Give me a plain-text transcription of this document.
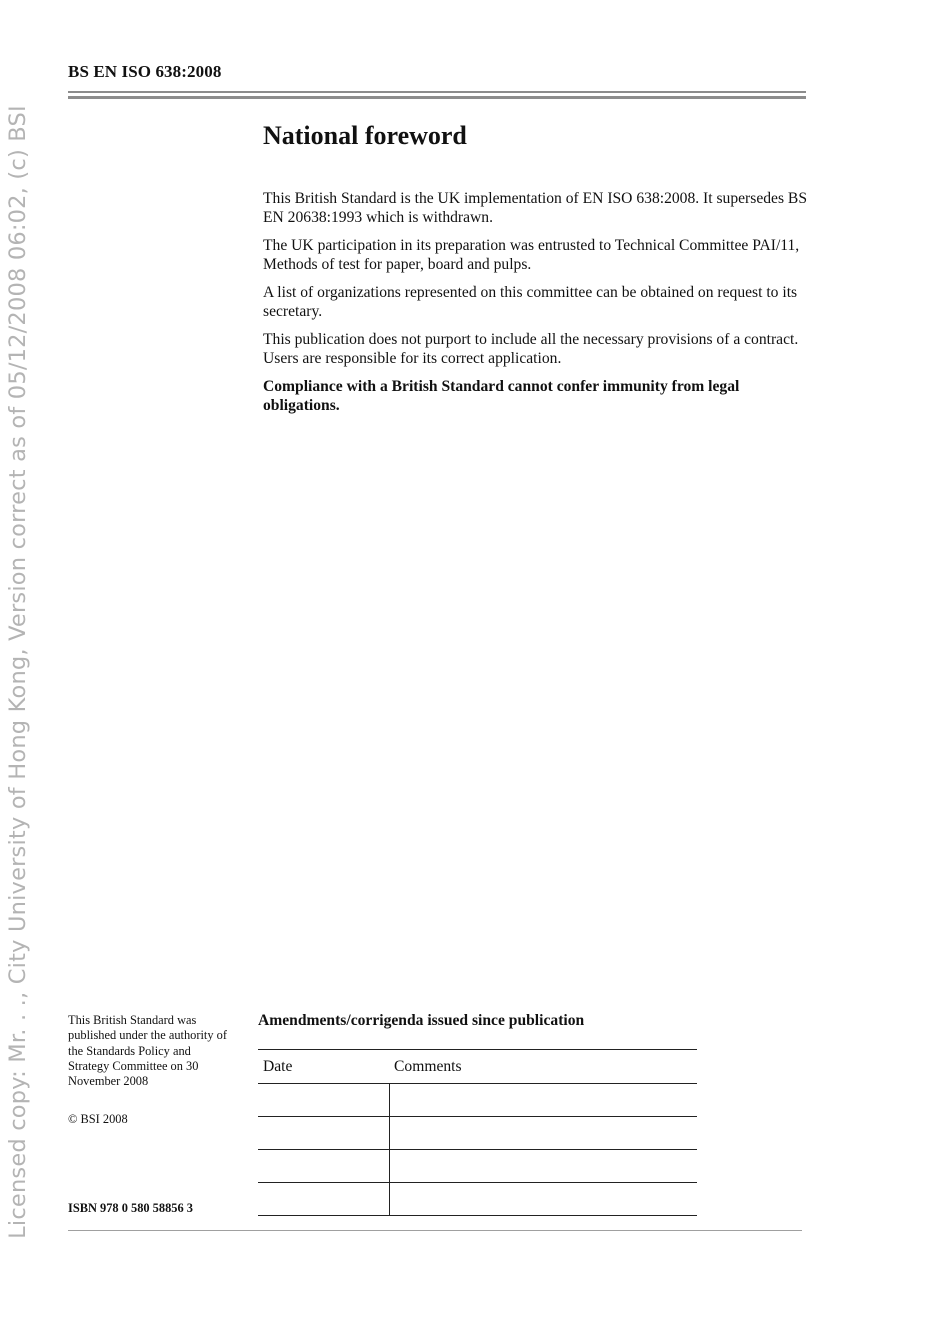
BS EN ISO 638:2008
National foreword

This British Standard is the UK implementation of EN ISO 638:2008. It supersedes BS EN 20638:1993 which is withdrawn.

The UK participation in its preparation was entrusted to Technical Committee PAI/11, Methods of test for paper, board and pulps.

A list of organizations represented on this committee can be obtained on request to its secretary.

This publication does not purport to include all the necessary provisions of a contract. Users are responsible for its correct application.

Compliance with a British Standard cannot confer immunity from legal obligations.

Licensed copy: Mr. . ., City University of Hong Kong, Version correct as of 05/12/2008 06:02, (c) BSI	This British Standard was published under the authority of the Standards Policy and Strategy Committee on 30 November 2008
© BSI 2008
ISBN 978 0 580 58856 3
Amendments/corrigenda issued since publication
Date	Comments
